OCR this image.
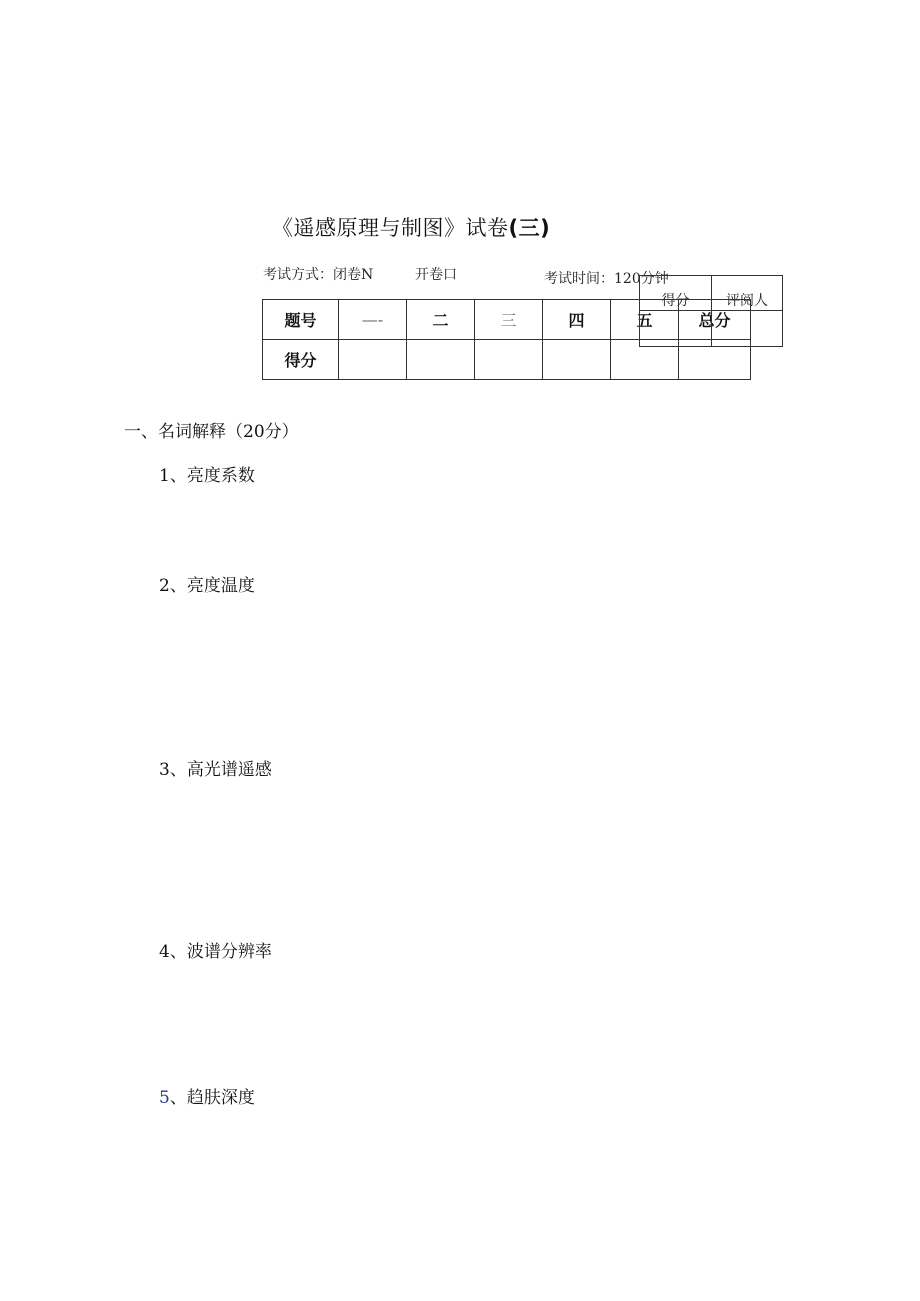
《遥感原理与制图》试卷(三)
考试方式：闭卷N	开卷口	考试时间：120分钟
题号	—-	二	三	四	五	总分
得分						
得分	评阅人

一、名词解释（20分）
1、亮度系数
2、亮度温度
3、高光谱遥感
4、波谱分辨率
5、趋肤深度
